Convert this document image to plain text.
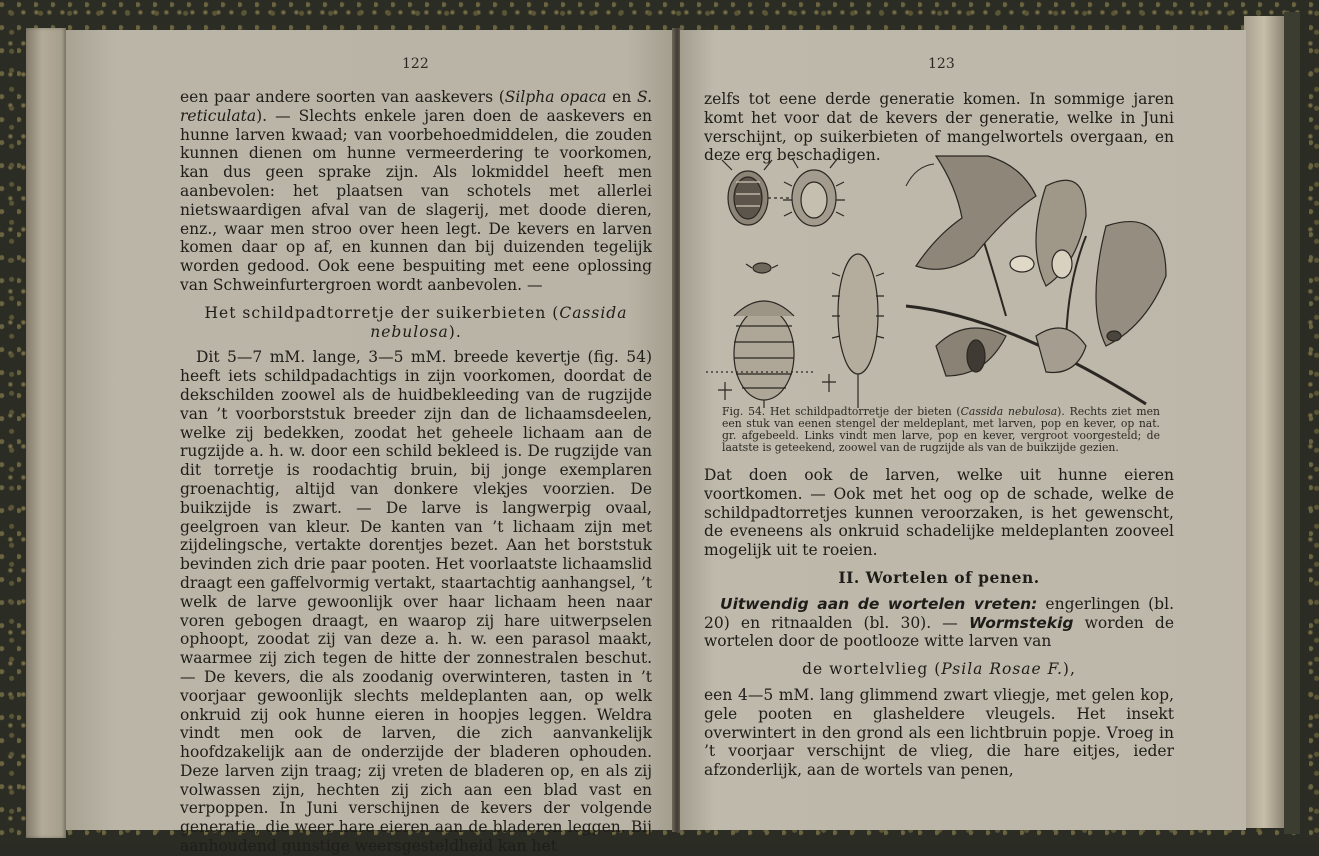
122

een paar andere soorten van aaskevers (Silpha opaca en S. reticulata). — Slechts enkele jaren doen de aaskevers en hunne larven kwaad; van voorbehoedmiddelen, die zouden kunnen dienen om hunne vermeerdering te voorkomen, kan dus geen sprake zijn. Als lokmiddel heeft men aanbevolen: het plaatsen van schotels met allerlei nietswaardigen afval van de slagerij, met doode dieren, enz., waar men stroo over heen legt. De kevers en larven komen daar op af, en kunnen dan bij duizenden tegelijk worden gedood. Ook eene bespuiting met eene oplossing van Schweinfurtergroen wordt aanbevolen. —

Het schildpadtorretje der suikerbieten (Cassida nebulosa).

Dit 5—7 mM. lange, 3—5 mM. breede kevertje (fig. 54) heeft iets schildpadachtigs in zijn voorkomen, doordat de dekschilden zoowel als de huidbekleeding van de rugzijde van ’t voorborststuk breeder zijn dan de lichaamsdeelen, welke zij bedekken, zoodat het geheele lichaam aan de rugzijde a. h. w. door een schild bekleed is. De rugzijde van dit torretje is roodachtig bruin, bij jonge exemplaren groenachtig, altijd van donkere vlekjes voorzien. De buikzijde is zwart. — De larve is langwerpig ovaal, geelgroen van kleur. De kanten van ’t lichaam zijn met zijdelingsche, vertakte dorentjes bezet. Aan het borststuk bevinden zich drie paar pooten. Het voorlaatste lichaamslid draagt een gaffelvormig vertakt, staartachtig aanhangsel, ’t welk de larve gewoonlijk over haar lichaam heen naar voren gebogen draagt, en waarop zij hare uitwerpselen ophoopt, zoodat zij van deze a. h. w. een parasol maakt, waarmee zij zich tegen de hitte der zonnestralen beschut. — De kevers, die als zoodanig overwinteren, tasten in ’t voorjaar gewoonlijk slechts meldeplanten aan, op welk onkruid zij ook hunne eieren in hoopjes leggen. Weldra vindt men ook de larven, die zich aanvankelijk hoofdzakelijk aan de onderzijde der bladeren ophouden. Deze larven zijn traag; zij vreten de bladeren op, en als zij volwassen zijn, hechten zij zich aan een blad vast en verpoppen. In Juni verschijnen de kevers der volgende generatie, die weer hare eieren aan de bladeren leggen. Bij aanhoudend gunstige weersgesteldheid kan het

123

zelfs tot eene derde generatie komen. In sommige jaren komt het voor dat de kevers der generatie, welke in Juni verschijnt, op suikerbieten of mangelwortels overgaan, en deze erg beschadigen.

Fig. 54. Het schildpadtorretje der bieten (Cassida nebulosa). Rechts ziet men een stuk van eenen stengel der meldeplant, met larven, pop en kever, op nat. gr. afgebeeld. Links vindt men larve, pop en kever, vergroot voorgesteld; de laatste is geteekend, zoowel van de rugzijde als van de buikzijde gezien.

Dat doen ook de larven, welke uit hunne eieren voortkomen. — Ook met het oog op de schade, welke de schildpadtorretjes kunnen veroorzaken, is het gewenscht, de eveneens als onkruid schadelijke meldeplanten zooveel mogelijk uit te roeien.

II. Wortelen of penen.

Uitwendig aan de wortelen vreten: engerlingen (bl. 20) en ritnaalden (bl. 30). — Wormstekig worden de wortelen door de pootlooze witte larven van

de wortelvlieg (Psila Rosae F.),

een 4—5 mM. lang glimmend zwart vliegje, met gelen kop, gele pooten en glasheldere vleugels. Het insekt overwintert in den grond als een lichtbruin popje. Vroeg in ’t voorjaar verschijnt de vlieg, die hare eitjes, ieder afzonderlijk, aan de wortels van penen,
